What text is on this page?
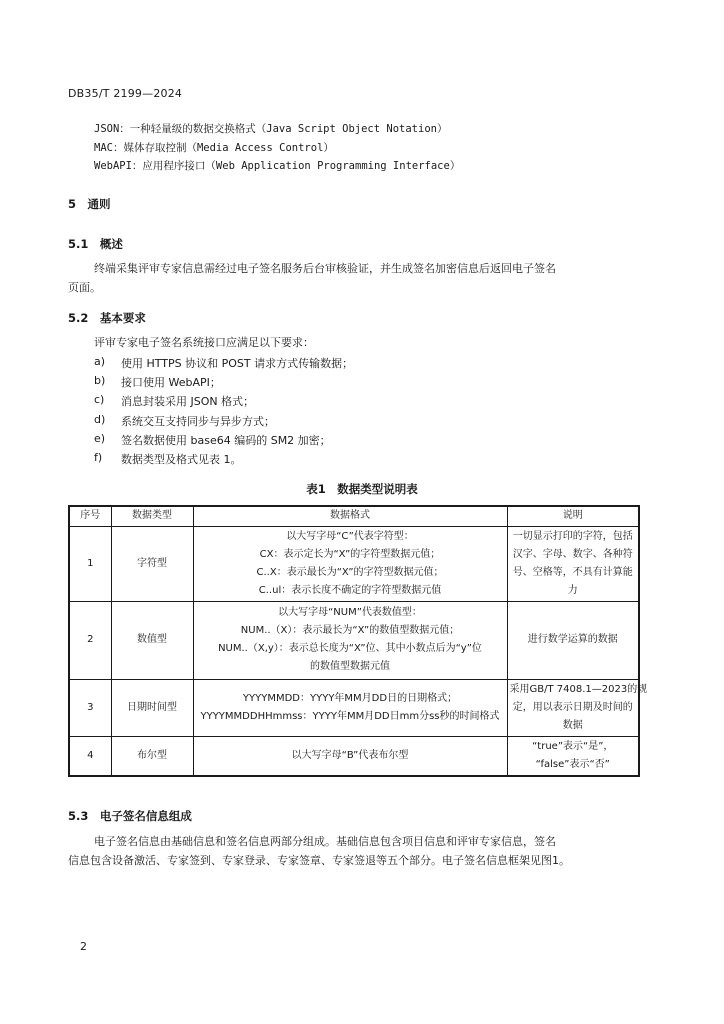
DB35/T 2199—2024
JSON：一种轻量级的数据交换格式（Java Script Object Notation）
MAC：媒体存取控制（Media Access Control）
WebAPI：应用程序接口（Web Application Programming Interface）
5　通则
5.1　概述
终端采集评审专家信息需经过电子签名服务后台审核验证，并生成签名加密信息后返回电子签名
页面。
5.2　基本要求
评审专家电子签名系统接口应满足以下要求：
a) 使用 HTTPS 协议和 POST 请求方式传输数据；
b) 接口使用 WebAPI；
c) 消息封装采用 JSON 格式；
d) 系统交互支持同步与异步方式；
e) 签名数据使用 base64 编码的 SM2 加密；
f) 数据类型及格式见表 1。
表1　数据类型说明表
序号	数据类型	数据格式	说明
1	字符型	以大写字母“C”代表字符型：
CX：表示定长为“X”的字符型数据元值；
C..X：表示最长为“X”的字符型数据元值；
C..ul：表示长度不确定的字符型数据元值	一切显示打印的字符，包括
汉字、字母、数字、各种符
号、空格等，不具有计算能
力

2	数值型	以大写字母“NUM”代表数值型：
NUM..（X）：表示最长为“X”的数值型数据元值；
NUM..（X,y）：表示总长度为“X”位、其中小数点后为“y”位
的数值型数据元值	进行数学运算的数据

3	日期时间型	YYYYMMDD：YYYY年MM月DD日的日期格式；
YYYYMMDDHHmmss：YYYY年MM月DD日mm分ss秒的时间格式	采用GB/T 7408.1—2023的规
定，用以表示日期及时间的
数据

4	布尔型	以大写字母“B”代表布尔型	“true”表示“是”，
“false”表示“否”
5.3　电子签名信息组成
电子签名信息由基础信息和签名信息两部分组成。基础信息包含项目信息和评审专家信息，签名
信息包含设备激活、专家签到、专家登录、专家签章、专家签退等五个部分。电子签名信息框架见图1。
2
